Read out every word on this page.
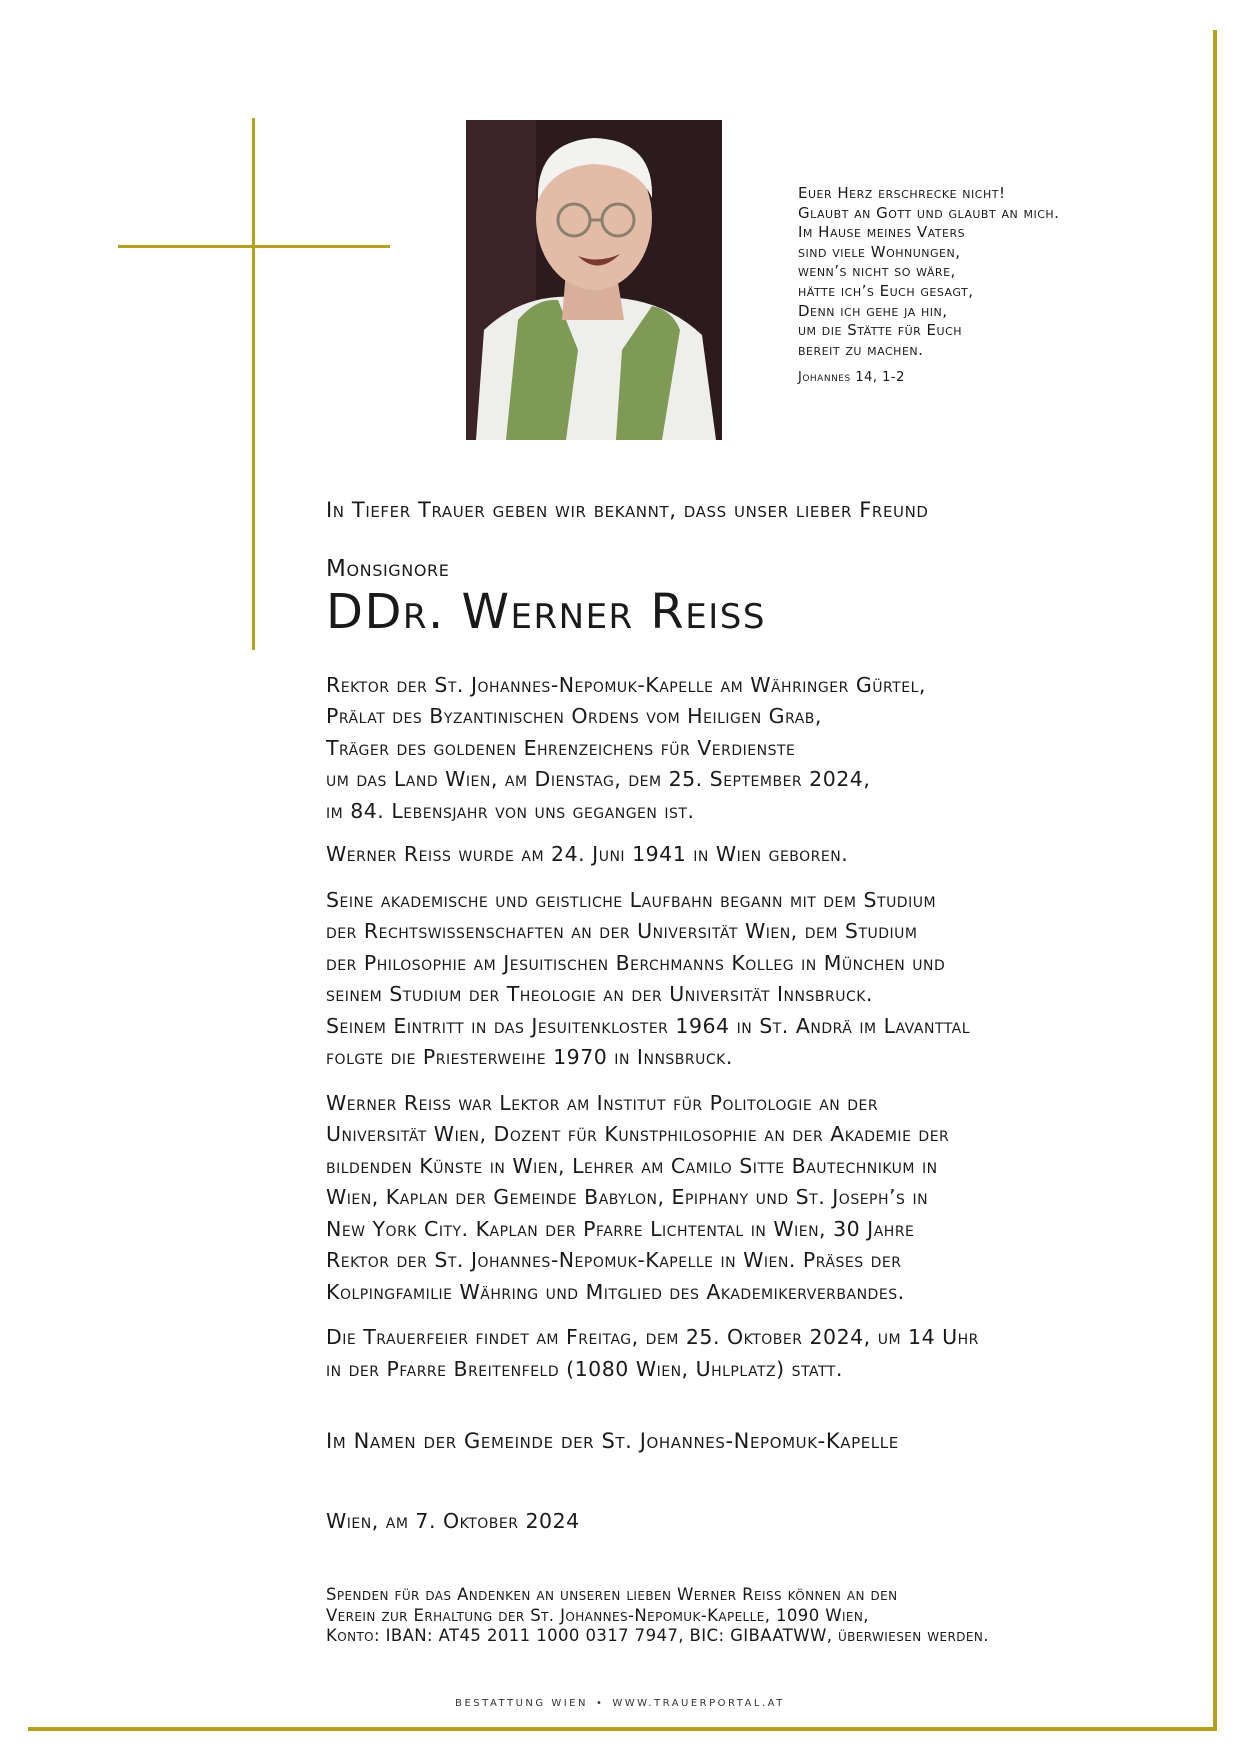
Euer Herz erschrecke nicht!
Glaubt an Gott und glaubt an mich.
Im Hause meines Vaters
sind viele Wohnungen,
wenn’s nicht so wäre,
hätte ich’s Euch gesagt,
Denn ich gehe ja hin,
um die Stätte für Euch
bereit zu machen.
Johannes 14, 1-2

In Tiefer Trauer geben wir bekannt, dass unser lieber Freund

Monsignore

DDr. Werner Reiss

Rektor der St. Johannes-Nepomuk-Kapelle am Währinger Gürtel,
Prälat des Byzantinischen Ordens vom Heiligen Grab,
Träger des goldenen Ehrenzeichens für Verdienste
um das Land Wien, am Dienstag, dem 25. September 2024,
im 84. Lebensjahr von uns gegangen ist.

Werner Reiss wurde am 24. Juni 1941 in Wien geboren.

Seine akademische und geistliche Laufbahn begann mit dem Studium
der Rechtswissenschaften an der Universität Wien, dem Studium
der Philosophie am Jesuitischen Berchmanns Kolleg in München und
seinem Studium der Theologie an der Universität Innsbruck.
Seinem Eintritt in das Jesuitenkloster 1964 in St. Andrä im Lavanttal
folgte die Priesterweihe 1970 in Innsbruck.

Werner Reiss war Lektor am Institut für Politologie an der
Universität Wien, Dozent für Kunstphilosophie an der Akademie der
bildenden Künste in Wien, Lehrer am Camilo Sitte Bautechnikum in
Wien, Kaplan der Gemeinde Babylon, Epiphany und St. Joseph’s in
New York City. Kaplan der Pfarre Lichtental in Wien, 30 Jahre
Rektor der St. Johannes-Nepomuk-Kapelle in Wien. Präses der
Kolpingfamilie Währing und Mitglied des Akademikerverbandes.

Die Trauerfeier findet am Freitag, dem 25. Oktober 2024, um 14 Uhr
in der Pfarre Breitenfeld (1080 Wien, Uhlplatz) statt.

Im Namen der Gemeinde der St. Johannes-Nepomuk-Kapelle

Wien, am 7. Oktober 2024

Spenden für das Andenken an unseren lieben Werner Reiss können an den
Verein zur Erhaltung der St. Johannes-Nepomuk-Kapelle, 1090 Wien,
Konto: IBAN: AT45 2011 1000 0317 7947, BIC: GIBAATWW, überwiesen werden.

BESTATTUNG WIEN • WWW.TRAUERPORTAL.AT
